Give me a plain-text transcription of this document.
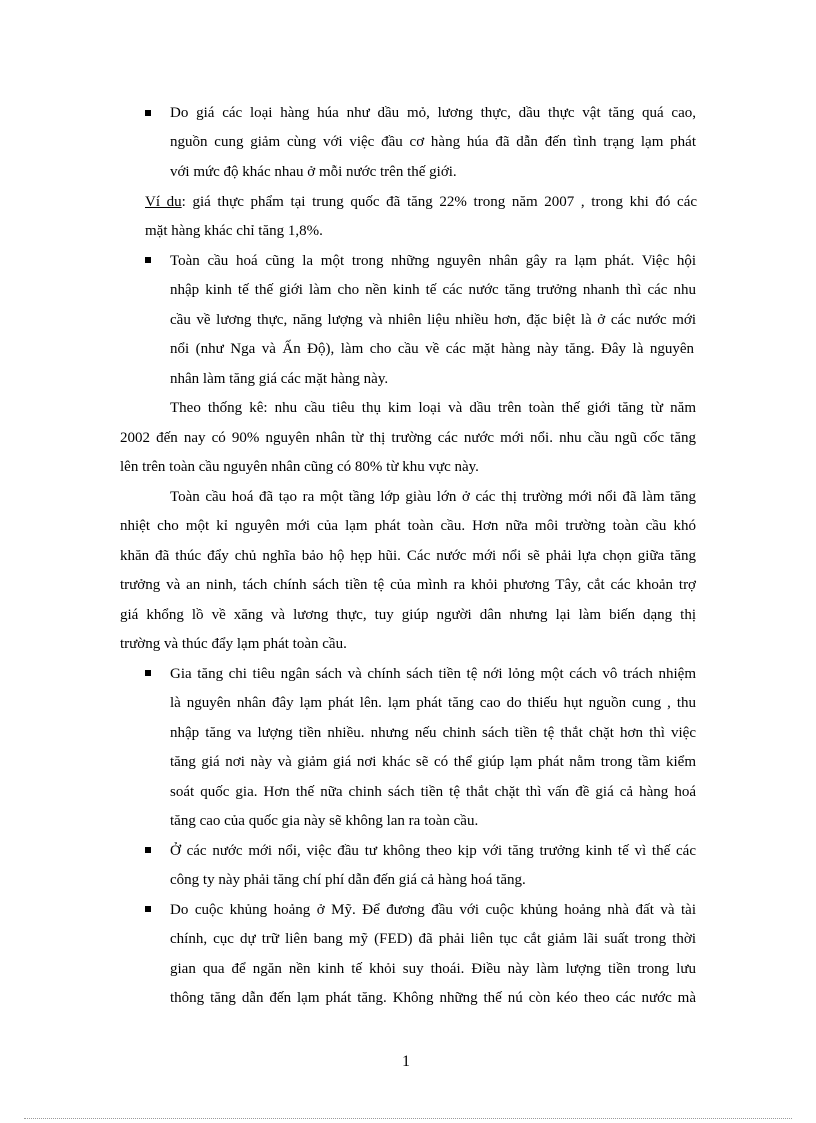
Do giá các loại hàng húa như dầu mỏ, lương thực, dầu thực vật tăng quá cao,
nguồn cung giảm cùng với việc đầu cơ hàng húa đã dẫn đến tình trạng lạm phát
với mức độ khác nhau ở mỗi nước trên thế giới.
Ví du: giá thực phẩm tại trung quốc đã tăng 22% trong năm 2007 , trong khi đó các
mặt hàng khác chỉ tăng 1,8%.
Toàn cầu hoá cũng la một trong những nguyên nhân gây ra lạm phát. Việc hội
nhập kinh tế thế giới làm cho nền kinh tế các nước tăng trưởng nhanh thì các nhu
cầu về lương thực, năng lượng và nhiên liệu nhiều hơn, đặc biệt là ở các nước mới
nổi (như Nga và Ấn Độ), làm cho cầu về các mặt hàng này tăng. Đây là nguyên
nhân làm tăng giá các mặt hàng này.
Theo thống kê: nhu cầu tiêu thụ kim loại và dầu trên toàn thế giới tăng từ năm
2002 đến nay có 90% nguyên nhân từ thị trường các nước mới nổi. nhu cầu ngũ cốc tăng
lên trên toàn cầu nguyên nhân cũng có 80% từ khu vực này.
Toàn cầu hoá đã tạo ra một tầng lớp giàu lớn ở các thị trường mới nổi đã làm tăng
nhiệt cho một kỉ nguyên mới của lạm phát toàn cầu. Hơn nữa môi trường toàn cầu khó
khăn đã thúc đẩy chủ nghĩa bảo hộ hẹp hũi. Các nước mới nổi sẽ phải lựa chọn giữa tăng
trưởng và an ninh, tách chính sách tiền tệ của mình ra khỏi phương Tây, cắt các khoản trợ
giá khổng lồ về xăng và lương thực, tuy giúp người dân nhưng lại làm biến dạng thị
trường và thúc đẩy lạm phát toàn cầu.
Gia tăng chi tiêu ngân sách và chính sách tiền tệ nới lỏng một cách vô trách nhiệm
là nguyên nhân đây lạm phát lên. lạm phát tăng cao do thiếu hụt nguồn cung , thu
nhập tăng va lượng tiền nhiều. nhưng nếu chinh sách tiền tệ thắt chặt hơn thì việc
tăng giá nơi này và giảm giá nơi khác sẽ có thể giúp lạm phát nằm trong tầm kiểm
soát quốc gia. Hơn thế nữa chinh sách tiền tệ thắt chặt thì vấn đề giá cả hàng hoá
tăng cao của quốc gia này sẽ không lan ra toàn cầu.
Ở các nước mới nổi, việc đầu tư không theo kịp với tăng trưởng kinh tế vì thế các
công ty này phải tăng chí phí dẫn đến giá cả hàng hoá tăng.
Do cuộc khủng hoảng ở Mỹ. Để đương đầu với cuộc khủng hoảng nhà đất và tài
chính, cục dự trữ liên bang mỹ (FED) đã phải liên tục cắt giảm lãi suất trong thời
gian qua để ngăn nền kinh tế khỏi suy thoái. Điều này làm lượng tiền trong lưu
thông tăng dẫn đến lạm phát tăng. Không những thế nú còn kéo theo các nước mà
1
